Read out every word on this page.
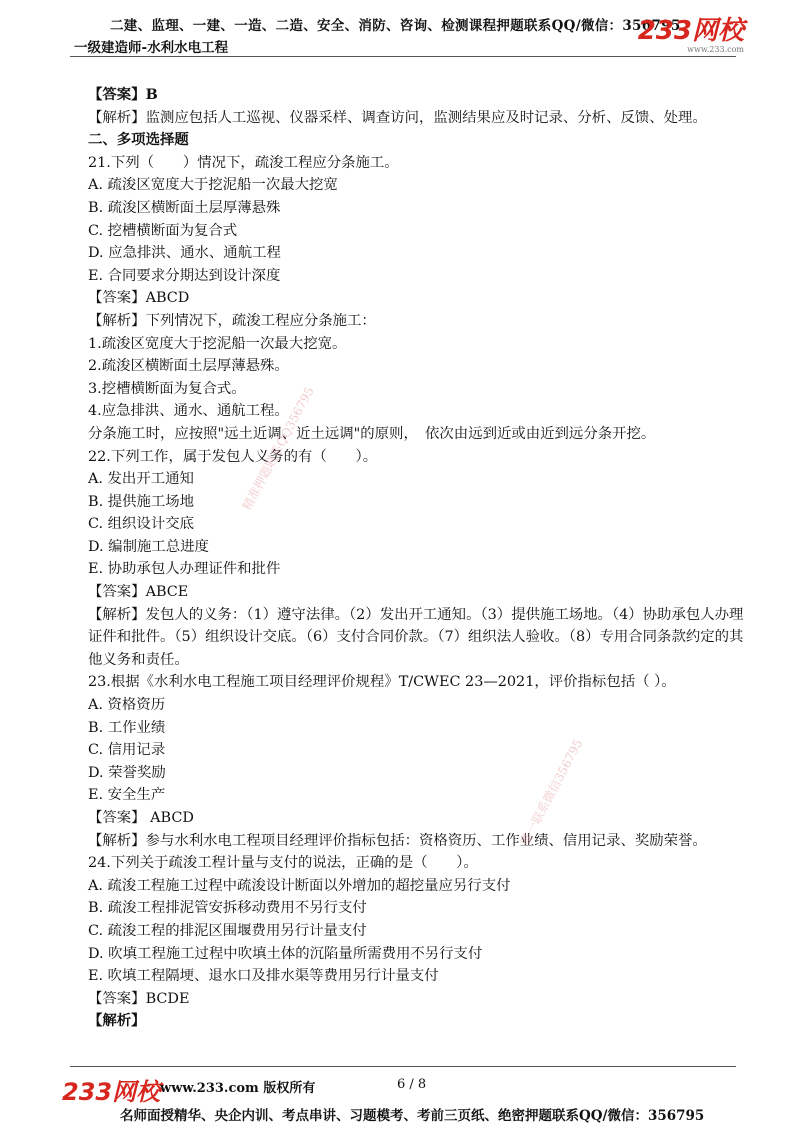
二建、监理、一建、一造、二造、安全、消防、咨询、检测课程押题联系QQ/微信：356795
一级建造师-水利水电工程
233网校
www.233.com
【答案】B
【解析】监测应包括人工巡视、仪器采样、调查访问，监测结果应及时记录、分析、反馈、处理。
二、多项选择题
21.下列（　　）情况下，疏浚工程应分条施工。
A. 疏浚区宽度大于挖泥船一次最大挖宽
B. 疏浚区横断面土层厚薄悬殊
C. 挖槽横断面为复合式
D. 应急排洪、通水、通航工程
E. 合同要求分期达到设计深度
【答案】ABCD
【解析】下列情况下，疏浚工程应分条施工：
1.疏浚区宽度大于挖泥船一次最大挖宽。
2.疏浚区横断面土层厚薄悬殊。
3.挖槽横断面为复合式。
4.应急排洪、通水、通航工程。
分条施工时，应按照"远土近调、近土远调"的原则，　依次由远到近或由近到远分条开挖。
22.下列工作，属于发包人义务的有（　　）。
A. 发出开工通知
B. 提供施工场地
C. 组织设计交底
D. 编制施工总进度
E. 协助承包人办理证件和批件
【答案】ABCE
【解析】发包人的义务：（1）遵守法律。（2）发出开工通知。（3）提供施工场地。（4）协助承包人办理证件和批件。（5）组织设计交底。（6）支付合同价款。（7）组织法人验收。（8）专用合同条款约定的其他义务和责任。
23.根据《水利水电工程施工项目经理评价规程》T/CWEC 23—2021，评价指标包括（ ）。
A. 资格资历
B. 工作业绩
C. 信用记录
D. 荣誉奖励
E. 安全生产
【答案】 ABCD
【解析】参与水利水电工程项目经理评价指标包括：资格资历、工作业绩、信用记录、奖励荣誉。
24.下列关于疏浚工程计量与支付的说法，正确的是（　　）。
A. 疏浚工程施工过程中疏浚设计断面以外增加的超挖量应另行支付
B. 疏浚工程排泥管安拆移动费用不另行支付
C. 疏浚工程的排泥区围堰费用另行计量支付
D. 吹填工程施工过程中吹填土体的沉陷量所需费用不另行支付
E. 吹填工程隔埂、退水口及排水渠等费用另行计量支付
【答案】BCDE
【解析】
精准押题联系QQ356795
唯一联系微信356795
233网校 www.233.com 版权所有	6 / 8
名师面授精华、央企内训、考点串讲、习题模考、考前三页纸、绝密押题联系QQ/微信：356795
